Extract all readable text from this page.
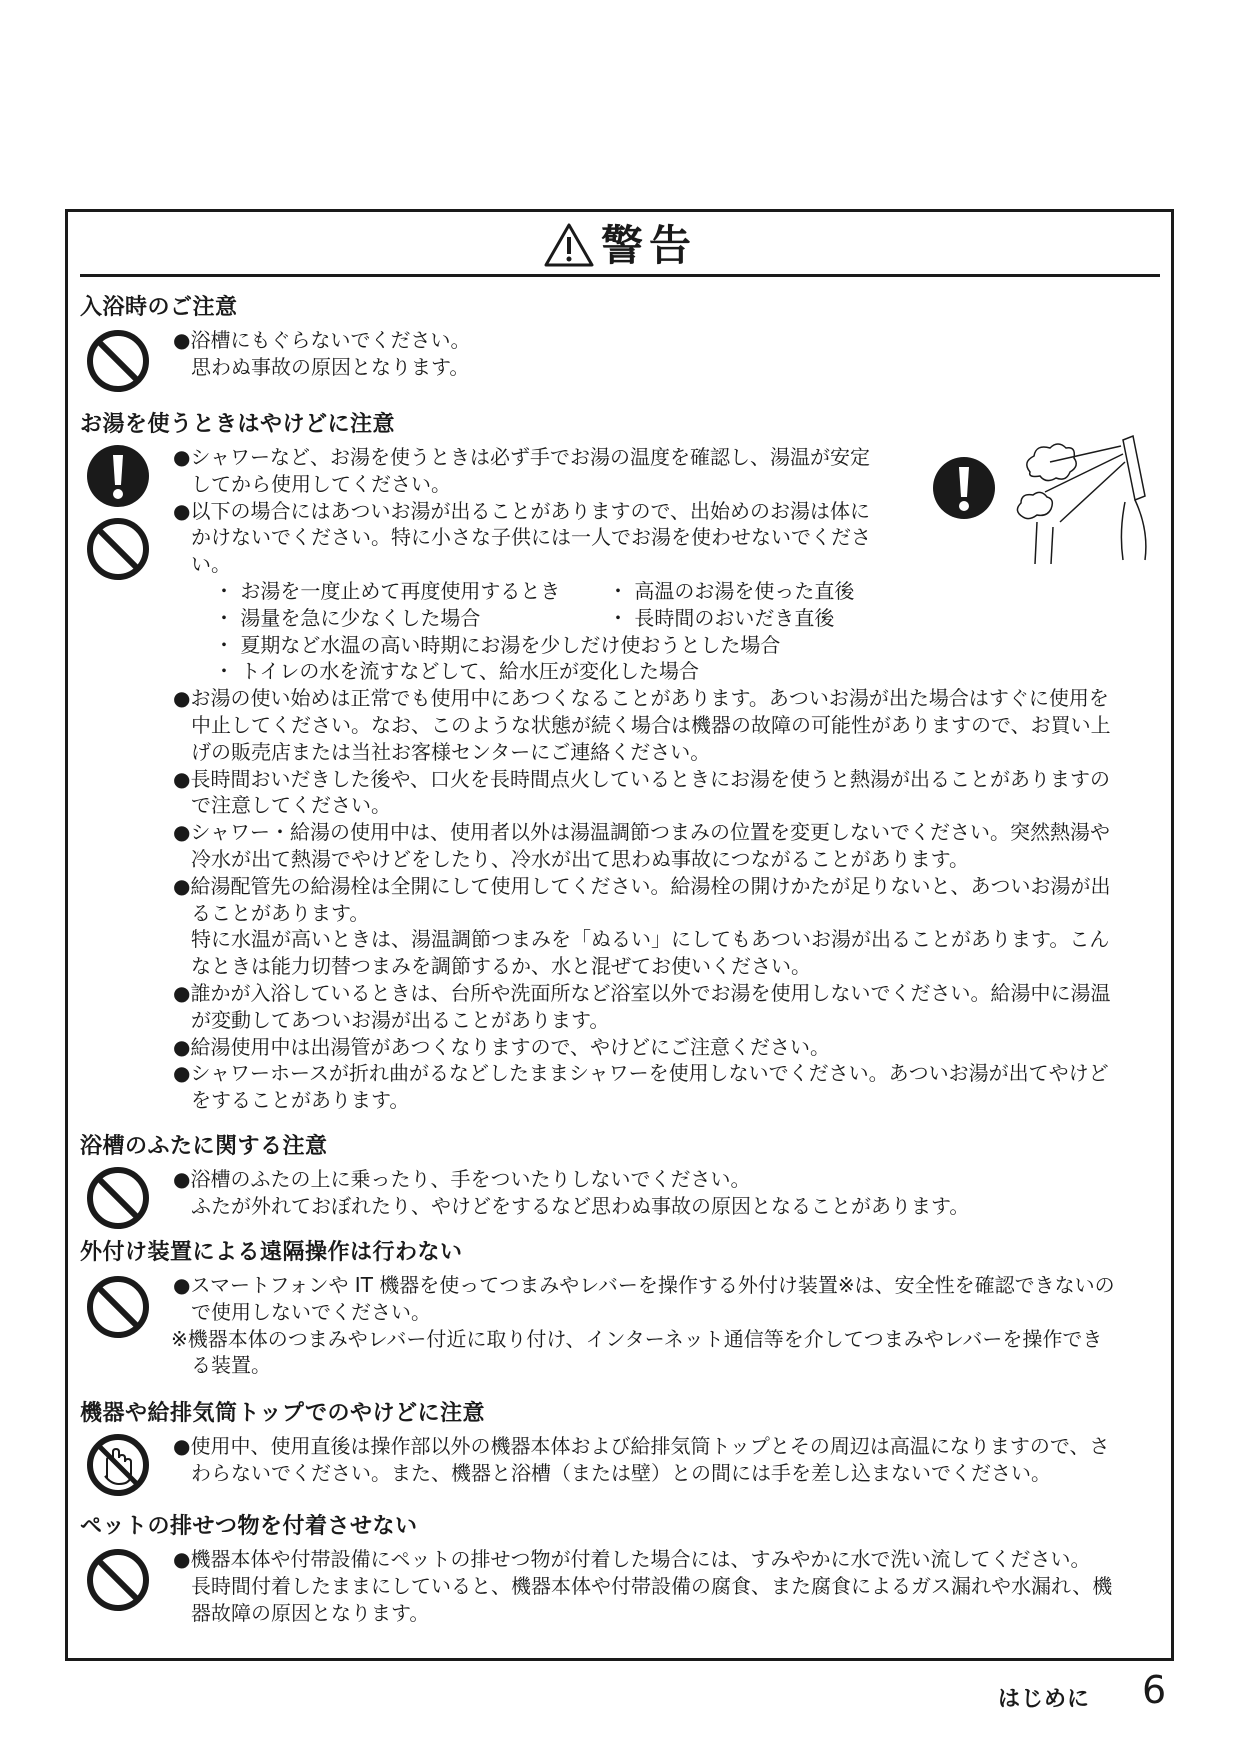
警告
入浴時のご注意
●浴槽にもぐらないでください。
思わぬ事故の原因となります。
お湯を使うときはやけどに注意
●シャワーなど、お湯を使うときは必ず手でお湯の温度を確認し、湯温が安定
してから使用してください。
●以下の場合にはあついお湯が出ることがありますので、出始めのお湯は体に
かけないでください。特に小さな子供には一人でお湯を使わせないでくださ
い。
・ お湯を一度止めて再度使用するとき ・ 高温のお湯を使った直後
・ 湯量を急に少なくした場合	・ 長時間のおいだき直後
・ 夏期など水温の高い時期にお湯を少しだけ使おうとした場合
・ トイレの水を流すなどして、給水圧が変化した場合
●お湯の使い始めは正常でも使用中にあつくなることがあります。あついお湯が出た場合はすぐに使用を
中止してください。なお、このような状態が続く場合は機器の故障の可能性がありますので、お買い上
げの販売店または当社お客様センターにご連絡ください。
●長時間おいだきした後や、口火を長時間点火しているときにお湯を使うと熱湯が出ることがありますの
で注意してください。
●シャワー・給湯の使用中は、使用者以外は湯温調節つまみの位置を変更しないでください。突然熱湯や
冷水が出て熱湯でやけどをしたり、冷水が出て思わぬ事故につながることがあります。
●給湯配管先の給湯栓は全開にして使用してください。給湯栓の開けかたが足りないと、あついお湯が出
ることがあります。
特に水温が高いときは、湯温調節つまみを「ぬるい」にしてもあついお湯が出ることがあります。こん
なときは能力切替つまみを調節するか、水と混ぜてお使いください。
●誰かが入浴しているときは、台所や洗面所など浴室以外でお湯を使用しないでください。給湯中に湯温
が変動してあついお湯が出ることがあります。
●給湯使用中は出湯管があつくなりますので、やけどにご注意ください。
●シャワーホースが折れ曲がるなどしたままシャワーを使用しないでください。あついお湯が出てやけど
をすることがあります。
浴槽のふたに関する注意
●浴槽のふたの上に乗ったり、手をついたりしないでください。
ふたが外れておぼれたり、やけどをするなど思わぬ事故の原因となることがあります。
外付け装置による遠隔操作は行わない
●スマートフォンや IT 機器を使ってつまみやレバーを操作する外付け装置※は、安全性を確認できないの
で使用しないでください。
※機器本体のつまみやレバー付近に取り付け、インターネット通信等を介してつまみやレバーを操作でき
る装置。
機器や給排気筒トップでのやけどに注意
●使用中、使用直後は操作部以外の機器本体および給排気筒トップとその周辺は高温になりますので、さ
わらないでください。また、機器と浴槽（または壁）との間には手を差し込まないでください。
ペットの排せつ物を付着させない
●機器本体や付帯設備にペットの排せつ物が付着した場合には、すみやかに水で洗い流してください。
長時間付着したままにしていると、機器本体や付帯設備の腐食、また腐食によるガス漏れや水漏れ、機
器故障の原因となります。
はじめに 6
